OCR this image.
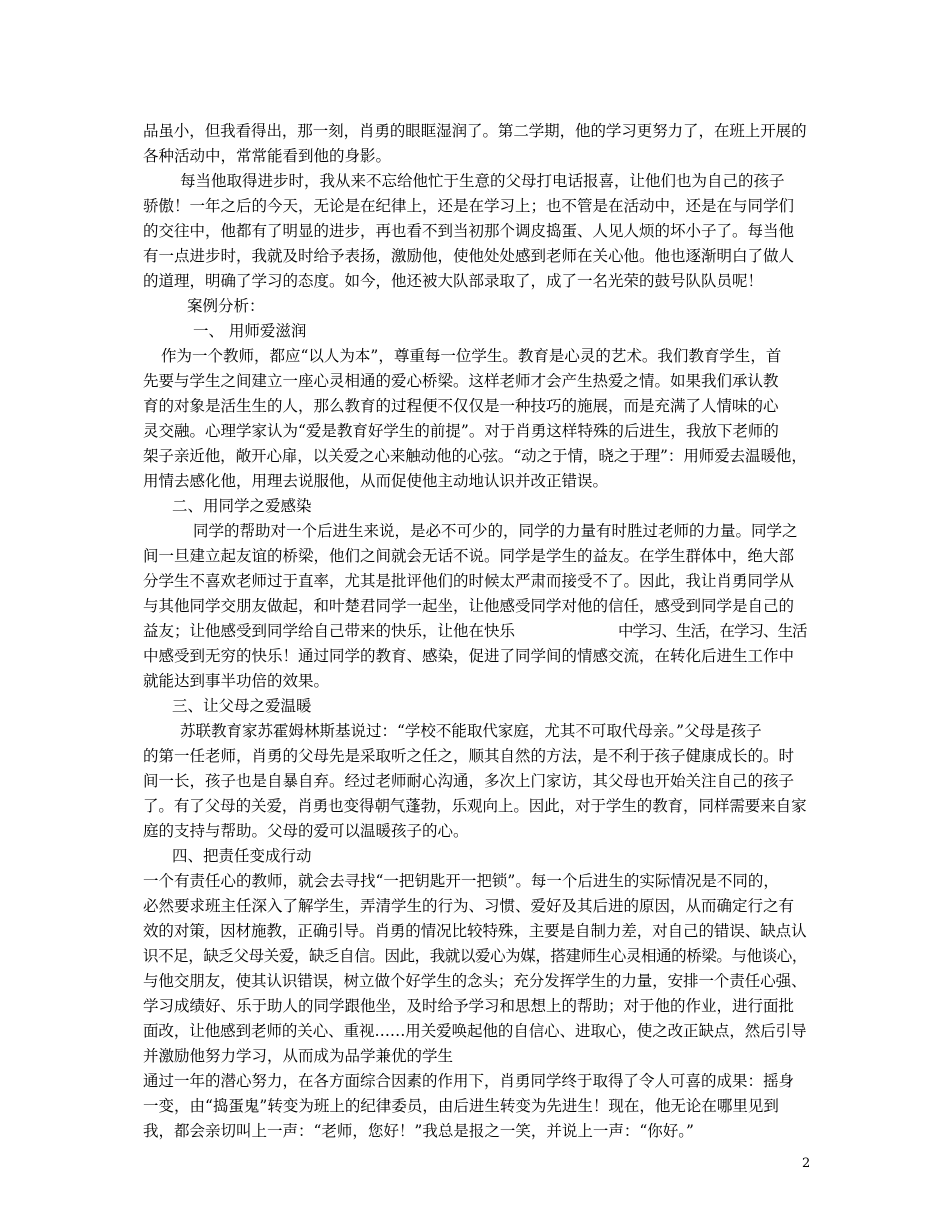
品虽小，但我看得出，那一刻，肖勇的眼眶湿润了。第二学期，他的学习更努力了，在班上开展的
各种活动中，常常能看到他的身影。
每当他取得进步时，我从来不忘给他忙于生意的父母打电话报喜，让他们也为自己的孩子
骄傲！一年之后的今天，无论是在纪律上，还是在学习上；也不管是在活动中，还是在与同学们
的交往中，他都有了明显的进步，再也看不到当初那个调皮捣蛋、人见人烦的坏小子了。每当他
有一点进步时，我就及时给予表扬，激励他，使他处处感到老师在关心他。他也逐渐明白了做人
的道理，明确了学习的态度。如今，他还被大队部录取了，成了一名光荣的鼓号队队员呢！
案例分析：
一、 用师爱滋润
作为一个教师，都应“以人为本”，尊重每一位学生。教育是心灵的艺术。我们教育学生，首
先要与学生之间建立一座心灵相通的爱心桥梁。这样老师才会产生热爱之情。如果我们承认教
育的对象是活生生的人，那么教育的过程便不仅仅是一种技巧的施展，而是充满了人情味的心
灵交融。心理学家认为“爱是教育好学生的前提”。对于肖勇这样特殊的后进生，我放下老师的
架子亲近他，敞开心扉，以关爱之心来触动他的心弦。“动之于情，晓之于理”：用师爱去温暖他，
用情去感化他，用理去说服他，从而促使他主动地认识并改正错误。
二、用同学之爱感染
同学的帮助对一个后进生来说，是必不可少的，同学的力量有时胜过老师的力量。同学之
间一旦建立起友谊的桥梁，他们之间就会无话不说。同学是学生的益友。在学生群体中，绝大部
分学生不喜欢老师过于直率，尤其是批评他们的时候太严肃而接受不了。因此，我让肖勇同学从
与其他同学交朋友做起，和叶楚君同学一起坐，让他感受同学对他的信任，感受到同学是自己的
益友；让他感受到同学给自己带来的快乐，让他在快乐	中学习、生活，在学习、生活
中感受到无穷的快乐！通过同学的教育、感染，促进了同学间的情感交流，在转化后进生工作中
就能达到事半功倍的效果。
三、让父母之爱温暖
苏联教育家苏霍姆林斯基说过：“学校不能取代家庭，尤其不可取代母亲。”父母是孩子
的第一任老师，肖勇的父母先是采取听之任之，顺其自然的方法，是不利于孩子健康成长的。时
间一长，孩子也是自暴自弃。经过老师耐心沟通，多次上门家访，其父母也开始关注自己的孩子
了。有了父母的关爱，肖勇也变得朝气蓬勃，乐观向上。因此，对于学生的教育，同样需要来自家
庭的支持与帮助。父母的爱可以温暖孩子的心。
四、把责任变成行动
一个有责任心的教师，就会去寻找“一把钥匙开一把锁”。每一个后进生的实际情况是不同的，
必然要求班主任深入了解学生，弄清学生的行为、习惯、爱好及其后进的原因，从而确定行之有
效的对策，因材施教，正确引导。肖勇的情况比较特殊，主要是自制力差，对自己的错误、缺点认
识不足，缺乏父母关爱，缺乏自信。因此，我就以爱心为媒，搭建师生心灵相通的桥梁。与他谈心，
与他交朋友，使其认识错误，树立做个好学生的念头；充分发挥学生的力量，安排一个责任心强、
学习成绩好、乐于助人的同学跟他坐，及时给予学习和思想上的帮助；对于他的作业，进行面批
面改，让他感到老师的关心、重视……用关爱唤起他的自信心、进取心，使之改正缺点，然后引导
并激励他努力学习，从而成为品学兼优的学生
通过一年的潜心努力，在各方面综合因素的作用下，肖勇同学终于取得了令人可喜的成果：摇身
一变，由“捣蛋鬼”转变为班上的纪律委员，由后进生转变为先进生！现在，他无论在哪里见到
我，都会亲切叫上一声：“老师，您好！”我总是报之一笑，并说上一声：“你好。”
2
